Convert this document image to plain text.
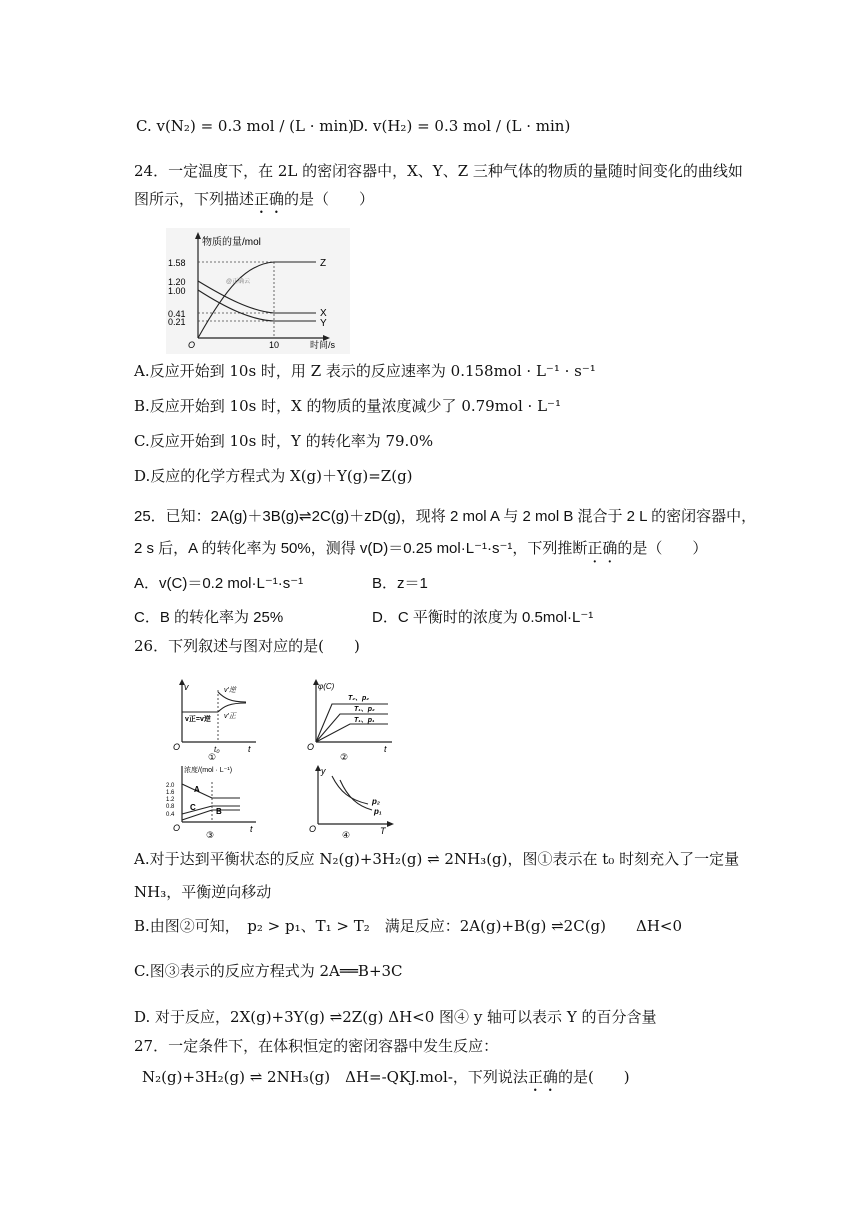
C. v(N₂) = 0.3 mol / (L · min)
D. v(H₂) = 0.3 mol / (L · min)
24．一定温度下，在 2L 的密闭容器中，X、Y、Z 三种气体的物质的量随时间变化的曲线如
图所示，下列描述正确的是（　　）
物质的量/mol
时间/s
O
1.58
1.20
1.00
0.41
0.21
10
Z
X
Y
@正确云
A.反应开始到 10s 时，用 Z 表示的反应速率为 0.158mol · L⁻¹ · s⁻¹
B.反应开始到 10s 时，X 的物质的量浓度减少了 0.79mol · L⁻¹
C.反应开始到 10s 时，Y 的转化率为 79.0%
D.反应的化学方程式为 X(g)＋Y(g)=Z(g)
25．已知：2A(g)＋3B(g)⇌2C(g)＋zD(g)，现将 2 mol A 与 2 mol B 混合于 2 L 的密闭容器中，
2 s 后，A 的转化率为 50%，测得 v(D)＝0.25 mol·L⁻¹·s⁻¹，下列推断正确的是（　　）
A．v(C)＝0.2 mol·L⁻¹·s⁻¹	B．z＝1
C．B 的转化率为 25%	D．C 平衡时的浓度为 0.5mol·L⁻¹
26．下列叙述与图对应的是(　　)
v
t
O	t₀
v正=v逆
v′逆
v′正
①
φ(C)
t
O
T₂、p₂
T₁、p₂
T₁、p₁
②
浓度/(mol · L⁻¹)
t
O
2.0
1.6
1.2
0.8
0.4
A
C	B
③
y
T
O
p₂
p₁
④
A.对于达到平衡状态的反应 N₂(g)+3H₂(g) ⇌ 2NH₃(g)，图①表示在 t₀ 时刻充入了一定量
NH₃，平衡逆向移动
B.由图②可知，　p₂ > p₁、T₁ > T₂　满足反应：2A(g)+B(g) ⇌2C(g)　　ΔH<0
C.图③表示的反应方程式为 2A══B+3C
D. 对于反应，2X(g)+3Y(g) ⇌2Z(g) ΔH<0 图④ y 轴可以表示 Y 的百分含量
27．一定条件下，在体积恒定的密闭容器中发生反应：
N₂(g)+3H₂(g) ⇌ 2NH₃(g)　ΔH=-QKJ.mol-，下列说法正确的是(　　)
